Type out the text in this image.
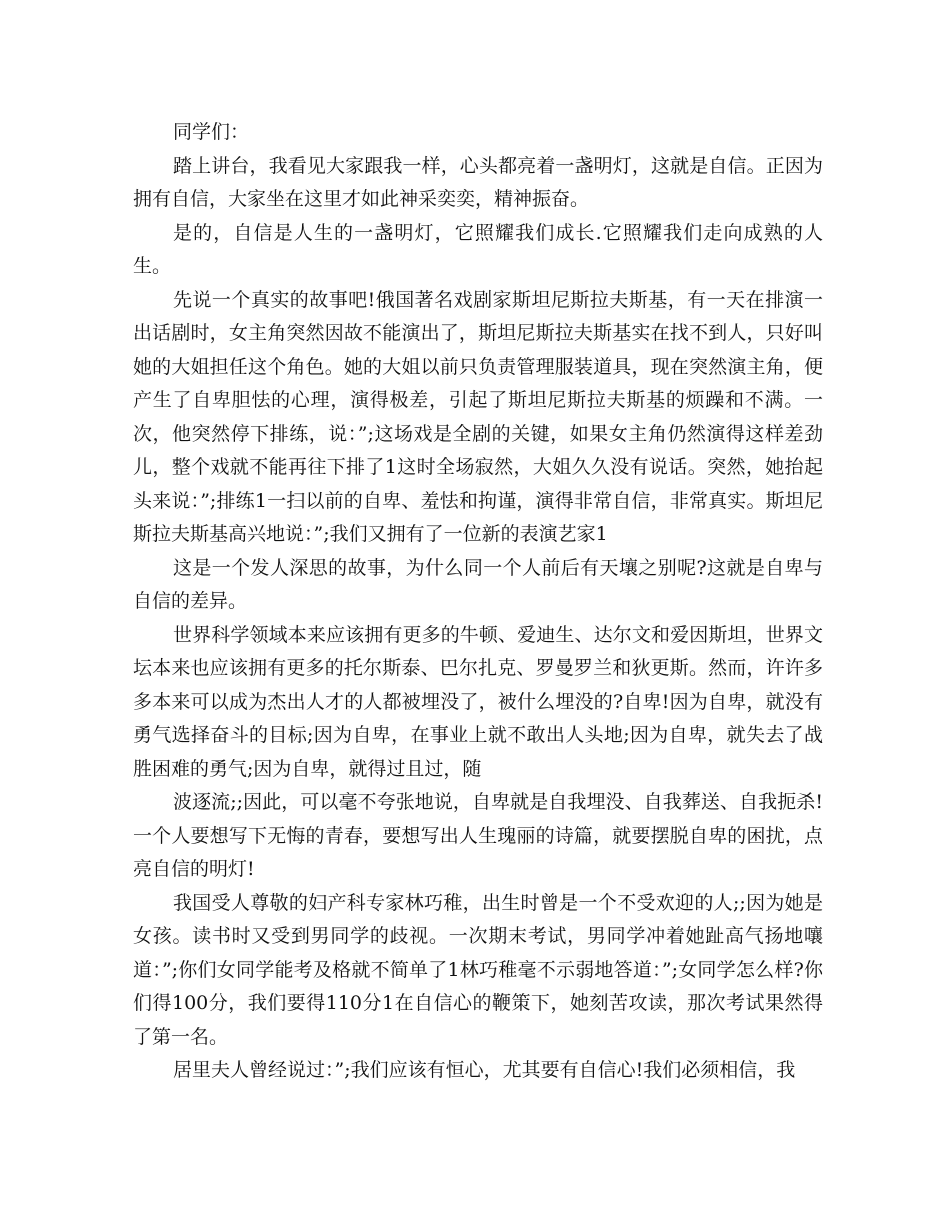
同学们：

踏上讲台，我看见大家跟我一样，心头都亮着一盏明灯，这就是自信。正因为拥有自信，大家坐在这里才如此神采奕奕，精神振奋。

是的，自信是人生的一盏明灯，它照耀我们成长.它照耀我们走向成熟的人生。

先说一个真实的故事吧!俄国著名戏剧家斯坦尼斯拉夫斯基，有一天在排演一出话剧时，女主角突然因故不能演出了，斯坦尼斯拉夫斯基实在找不到人，只好叫她的大姐担任这个角色。她的大姐以前只负责管理服装道具，现在突然演主角，便产生了自卑胆怯的心理，演得极差，引起了斯坦尼斯拉夫斯基的烦躁和不满。一次，他突然停下排练，说：”;这场戏是全剧的关键，如果女主角仍然演得这样差劲儿，整个戏就不能再往下排了1这时全场寂然，大姐久久没有说话。突然，她抬起头来说：”;排练1一扫以前的自卑、羞怯和拘谨，演得非常自信，非常真实。斯坦尼斯拉夫斯基高兴地说：”;我们又拥有了一位新的表演艺家1

这是一个发人深思的故事，为什么同一个人前后有天壤之别呢?这就是自卑与自信的差异。

世界科学领域本来应该拥有更多的牛顿、爱迪生、达尔文和爱因斯坦，世界文坛本来也应该拥有更多的托尔斯泰、巴尔扎克、罗曼罗兰和狄更斯。然而，许许多多本来可以成为杰出人才的人都被埋没了，被什么埋没的?自卑!因为自卑，就没有勇气选择奋斗的目标;因为自卑，在事业上就不敢出人头地;因为自卑，就失去了战胜困难的勇气;因为自卑，就得过且过，随

波逐流;;因此，可以毫不夸张地说，自卑就是自我埋没、自我葬送、自我扼杀!一个人要想写下无悔的青春，要想写出人生瑰丽的诗篇，就要摆脱自卑的困扰，点亮自信的明灯!

我国受人尊敬的妇产科专家林巧稚，出生时曾是一个不受欢迎的人;;因为她是女孩。读书时又受到男同学的歧视。一次期末考试，男同学冲着她趾高气扬地嚷道：”;你们女同学能考及格就不简单了1林巧稚毫不示弱地答道：”;女同学怎么样?你们得100分，我们要得110分1在自信心的鞭策下，她刻苦攻读，那次考试果然得了第一名。

居里夫人曾经说过：”;我们应该有恒心，尤其要有自信心!我们必须相信，我
